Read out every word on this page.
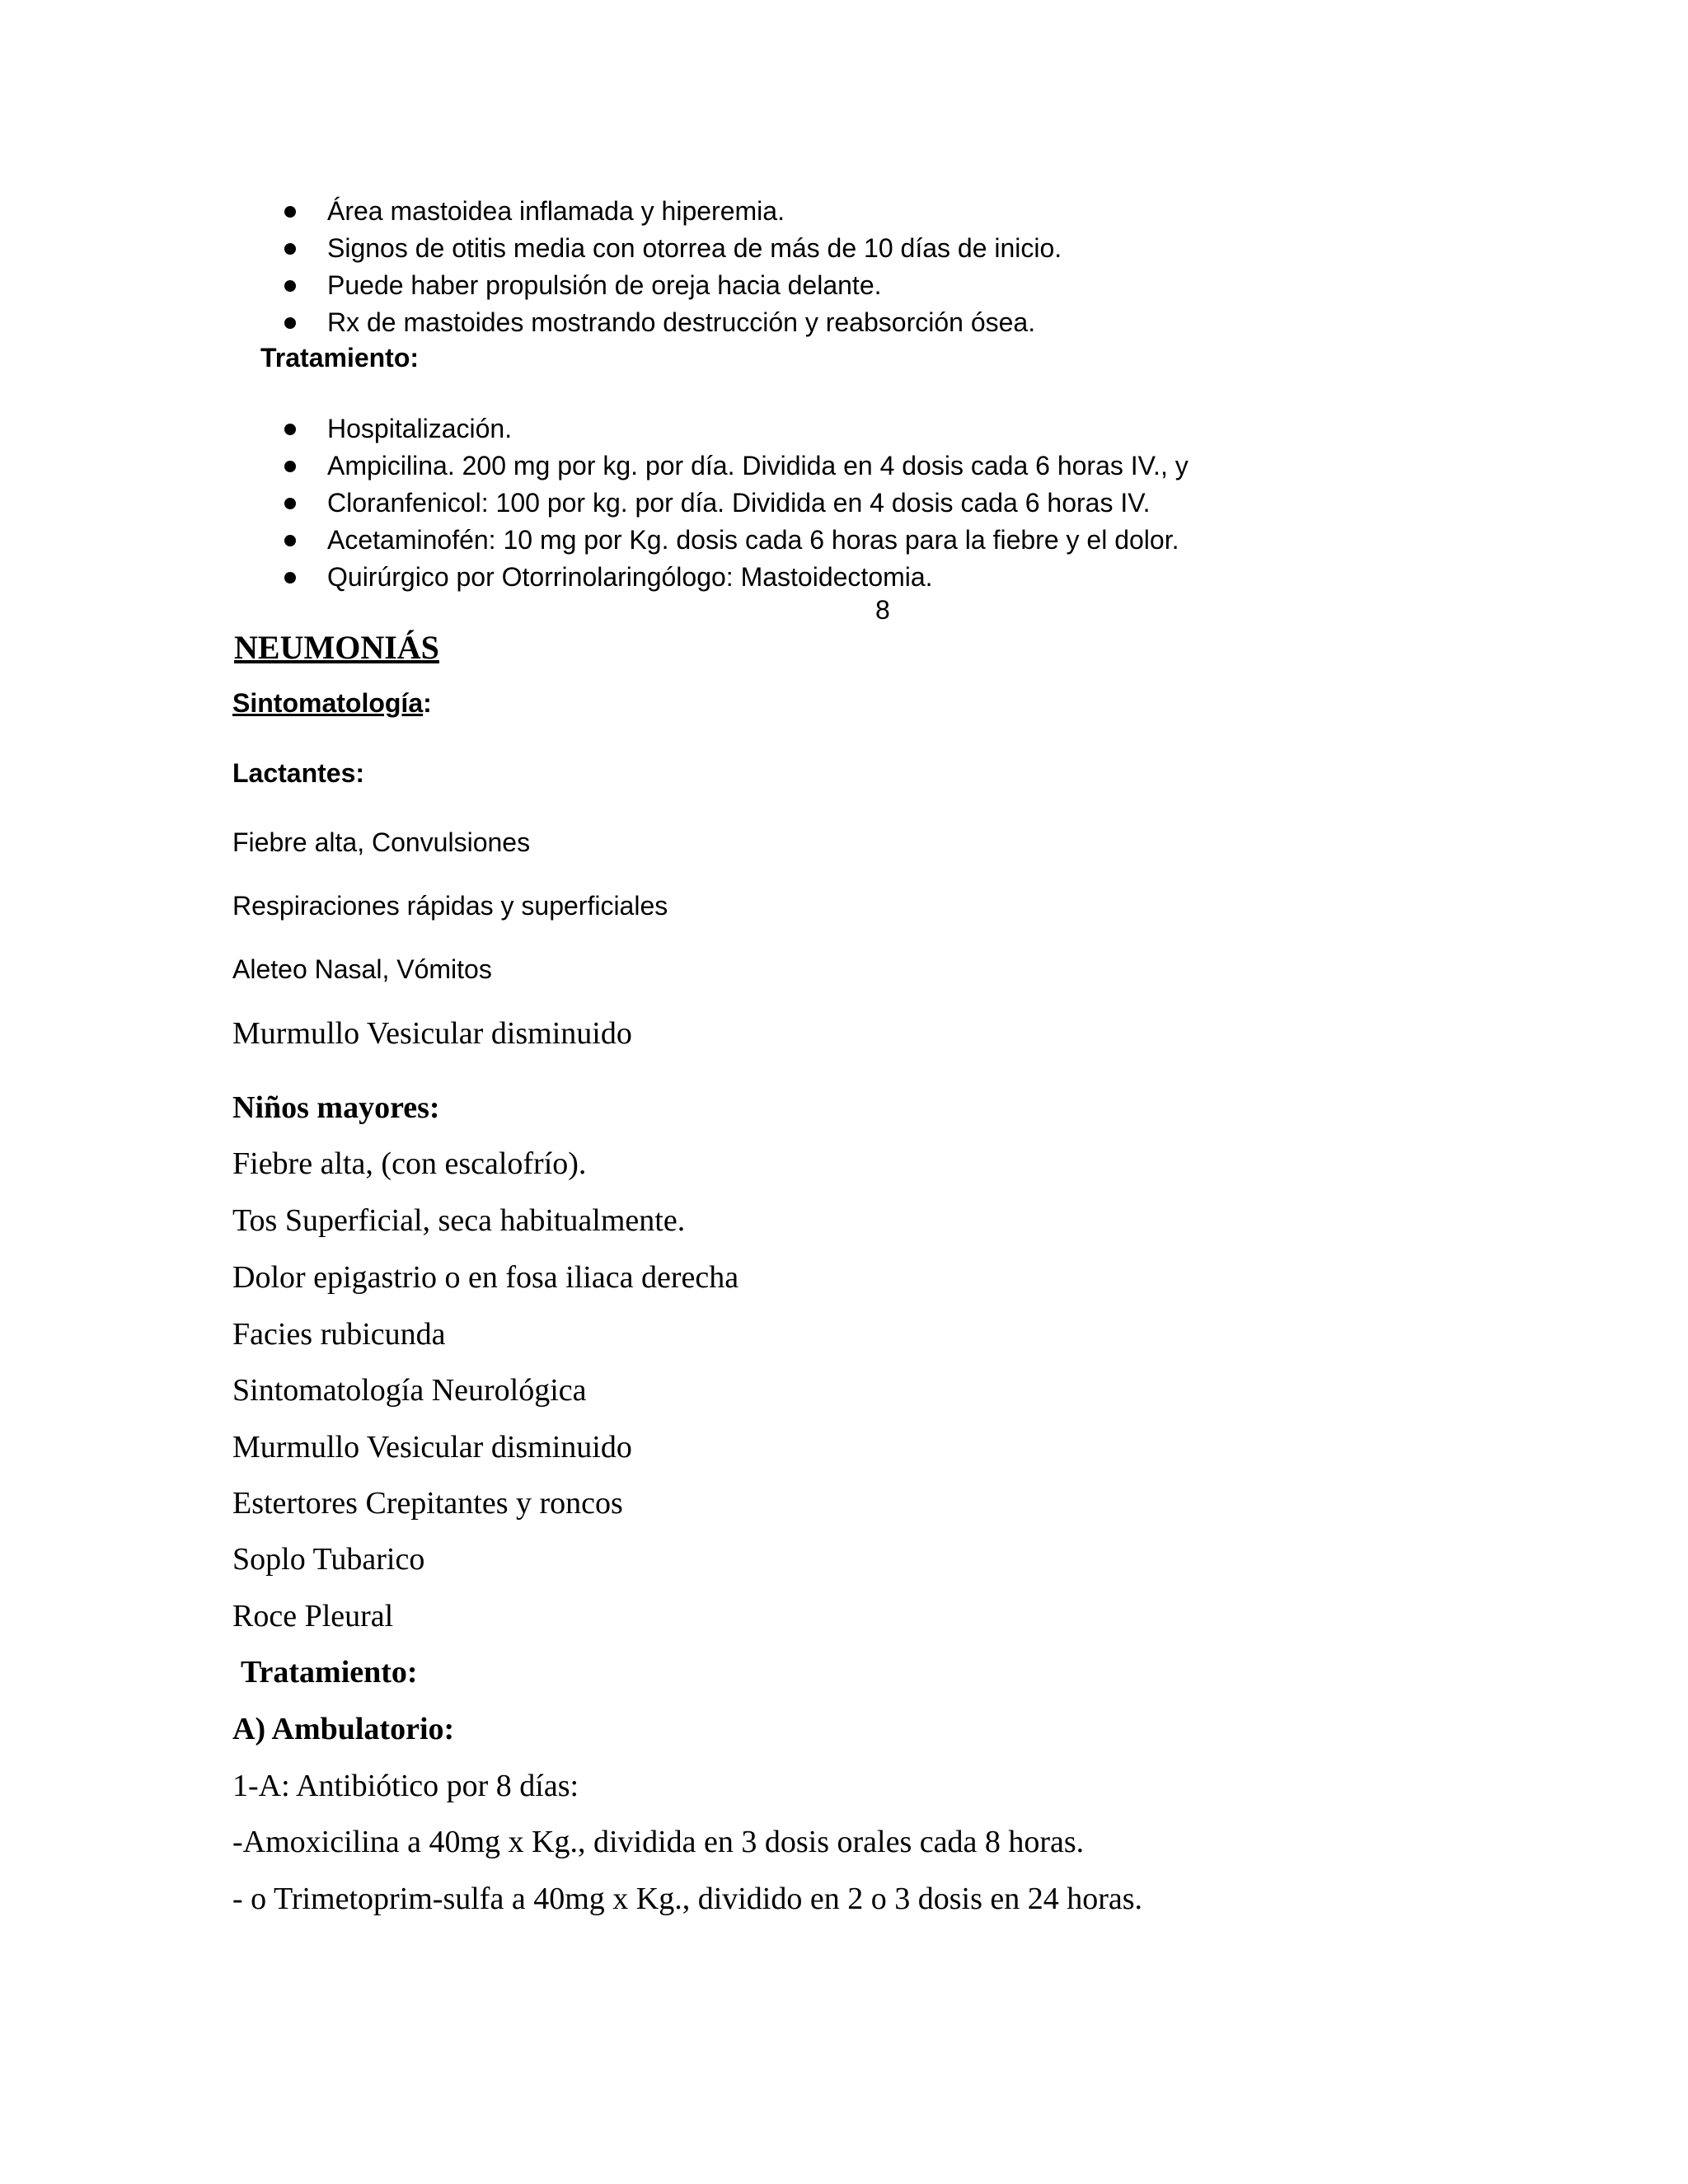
Área mastoidea inflamada y hiperemia.
Signos de otitis media con otorrea de más de 10 días de inicio.
Puede haber propulsión de oreja hacia delante.
Rx de mastoides mostrando destrucción y reabsorción ósea.
Tratamiento:
Hospitalización.
Ampicilina. 200 mg por kg. por día. Dividida en 4 dosis cada 6 horas IV., y
Cloranfenicol: 100 por kg. por día. Dividida en 4 dosis cada 6 horas IV.
Acetaminofén: 10 mg por Kg. dosis cada 6 horas para la fiebre y el dolor.
Quirúrgico por Otorrinolaringólogo: Mastoidectomia.
8
NEUMONIÁS
Sintomatología:
Lactantes:
Fiebre alta, Convulsiones
Respiraciones rápidas y superficiales
Aleteo Nasal, Vómitos
Murmullo Vesicular disminuido
Niños mayores:
Fiebre alta, (con escalofrío).
Tos Superficial, seca habitualmente.
Dolor epigastrio o en fosa iliaca derecha
Facies rubicunda
Sintomatología Neurológica
Murmullo Vesicular disminuido
Estertores Crepitantes y roncos
Soplo Tubarico
Roce Pleural
Tratamiento:
A) Ambulatorio:
1-A: Antibiótico por 8 días:
-Amoxicilina a 40mg x Kg., dividida en 3 dosis orales cada 8 horas.
- o Trimetoprim-sulfa a 40mg x Kg., dividido en 2 o 3 dosis en 24 horas.
